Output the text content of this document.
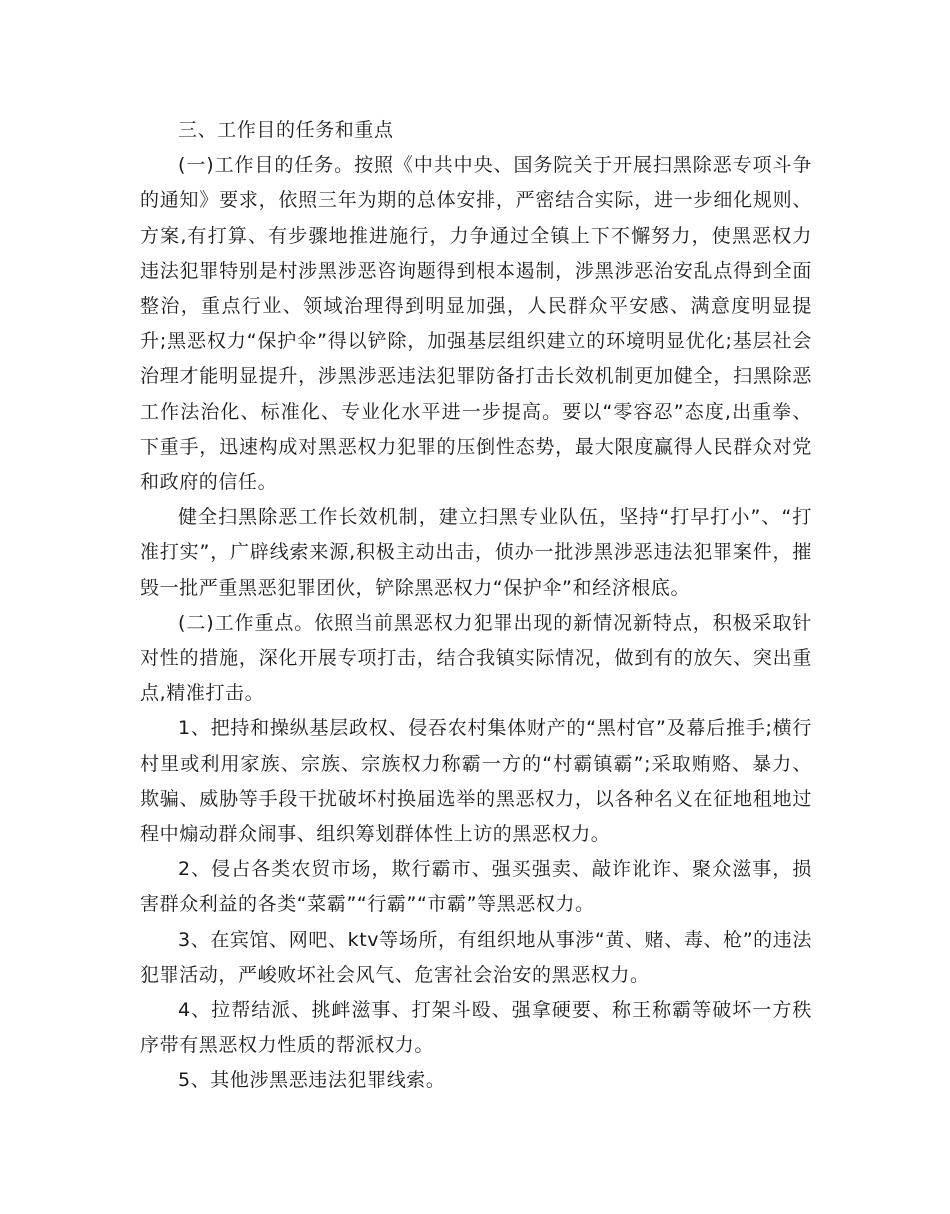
三、工作目的任务和重点

(一)工作目的任务。按照《中共中央、国务院关于开展扫黑除恶专项斗争的通知》要求，依照三年为期的总体安排，严密结合实际，进一步细化规则、方案,有打算、有步骤地推进施行，力争通过全镇上下不懈努力，使黑恶权力违法犯罪特别是村涉黑涉恶咨询题得到根本遏制，涉黑涉恶治安乱点得到全面整治，重点行业、领域治理得到明显加强，人民群众平安感、满意度明显提升;黑恶权力“保护伞”得以铲除，加强基层组织建立的环境明显优化;基层社会治理才能明显提升，涉黑涉恶违法犯罪防备打击长效机制更加健全，扫黑除恶工作法治化、标准化、专业化水平进一步提高。要以“零容忍”态度,出重拳、下重手，迅速构成对黑恶权力犯罪的压倒性态势，最大限度赢得人民群众对党和政府的信任。

健全扫黑除恶工作长效机制，建立扫黑专业队伍，坚持“打早打小”、“打准打实”，广辟线索来源,积极主动出击，侦办一批涉黑涉恶违法犯罪案件，摧毁一批严重黑恶犯罪团伙，铲除黑恶权力“保护伞”和经济根底。

(二)工作重点。依照当前黑恶权力犯罪出现的新情况新特点，积极采取针对性的措施，深化开展专项打击，结合我镇实际情况，做到有的放矢、突出重点,精准打击。

1、把持和操纵基层政权、侵吞农村集体财产的“黑村官”及幕后推手;横行村里或利用家族、宗族、宗族权力称霸一方的“村霸镇霸”;采取贿赂、暴力、欺骗、威胁等手段干扰破坏村换届选举的黑恶权力，以各种名义在征地租地过程中煽动群众闹事、组织筹划群体性上访的黑恶权力。

2、侵占各类农贸市场，欺行霸市、强买强卖、敲诈讹诈、聚众滋事，损害群众利益的各类“菜霸”“行霸”“市霸”等黑恶权力。

3、在宾馆、网吧、ktv等场所，有组织地从事涉“黄、赌、毒、枪”的违法犯罪活动，严峻败坏社会风气、危害社会治安的黑恶权力。

4、拉帮结派、挑衅滋事、打架斗殴、强拿硬要、称王称霸等破坏一方秩序带有黑恶权力性质的帮派权力。

5、其他涉黑恶违法犯罪线索。
